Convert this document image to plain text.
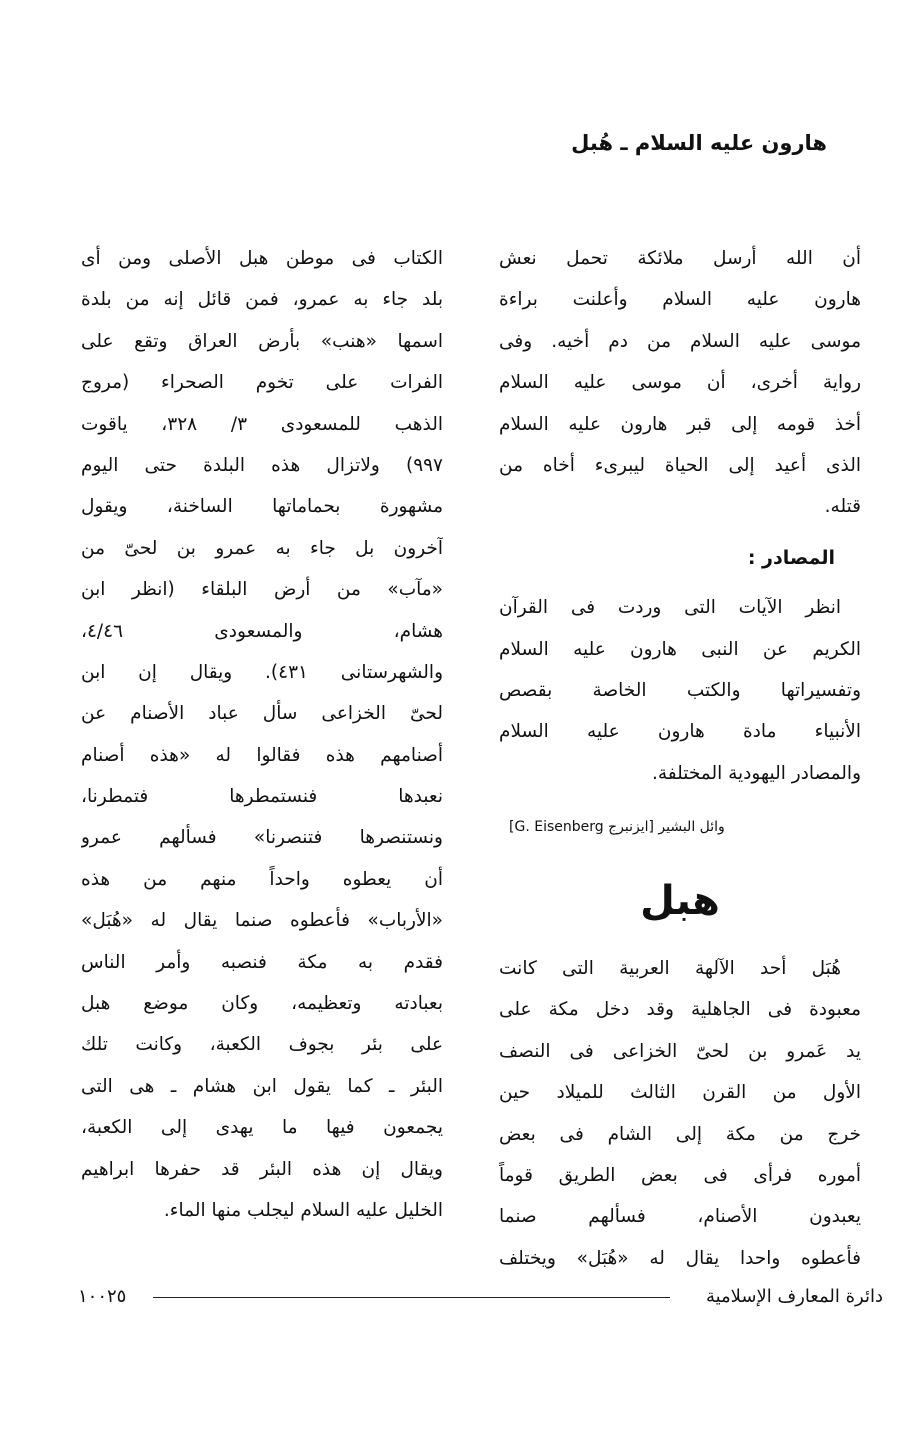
هارون عليه السلام ـ هُبل
أن الله أرسل ملائكة تحمل نعش
هارون عليه السلام وأعلنت براءة
موسى عليه السلام من دم أخيه. وفى
رواية أخرى، أن موسى عليه السلام
أخذ قومه إلى قبر هارون عليه السلام
الذى أعيد إلى الحياة ليبرىء أخاه من
قتله.
المصادر :
انظر الآيات التى وردت فى القرآن
الكريم عن النبى هارون عليه السلام
وتفسيراتها والكتب الخاصة بقصص
الأنبياء مادة هارون عليه السلام
والمصادر اليهودية المختلفة.
وائل البشير [ايزنبرج G. Eisenberg]
هبل
هُبَل أحد الآلهة العربية التى كانت
معبودة فى الجاهلية وقد دخل مكة على
يد عَمرو بن لحىّ الخزاعى فى النصف
الأول من القرن الثالث للميلاد حين
خرج من مكة إلى الشام فى بعض
أموره فرأى فى بعض الطريق قوماً
يعبدون الأصنام، فسألهم صنما
فأعطوه واحدا يقال له «هُبَل» ويختلف
الكتاب فى موطن هبل الأصلى ومن أى
بلد جاء به عمرو، فمن قائل إنه من بلدة
اسمها «هنب» بأرض العراق وتقع على
الفرات على تخوم الصحراء (مروج
الذهب للمسعودى ٣/ ٣٢٨، ياقوت
٩٩٧) ولاتزال هذه البلدة حتى اليوم
مشهورة بحماماتها الساخنة، ويقول
آخرون بل جاء به عمرو بن لحىّ من
«مآب» من أرض البلقاء (انظر ابن
هشام، والمسعودى ٤/٤٦،
والشهرستانى ٤٣١). ويقال إن ابن
لحىّ الخزاعى سأل عباد الأصنام عن
أصنامهم هذه فقالوا له «هذه أصنام
نعبدها فنستمطرها فتمطرنا،
ونستنصرها فتنصرنا» فسألهم عمرو
أن يعطوه واحداً منهم من هذه
«الأرباب» فأعطوه صنما يقال له «هُبَل»
فقدم به مكة فنصبه وأمر الناس
بعبادته وتعظيمه، وكان موضع هبل
على بئر بجوف الكعبة، وكانت تلك
البئر ـ كما يقول ابن هشام ـ هى التى
يجمعون فيها ما يهدى إلى الكعبة،
ويقال إن هذه البئر قد حفرها ابراهيم
الخليل عليه السلام ليجلب منها الماء.
دائرة المعارف الإسلامية
١٠٠٢٥
